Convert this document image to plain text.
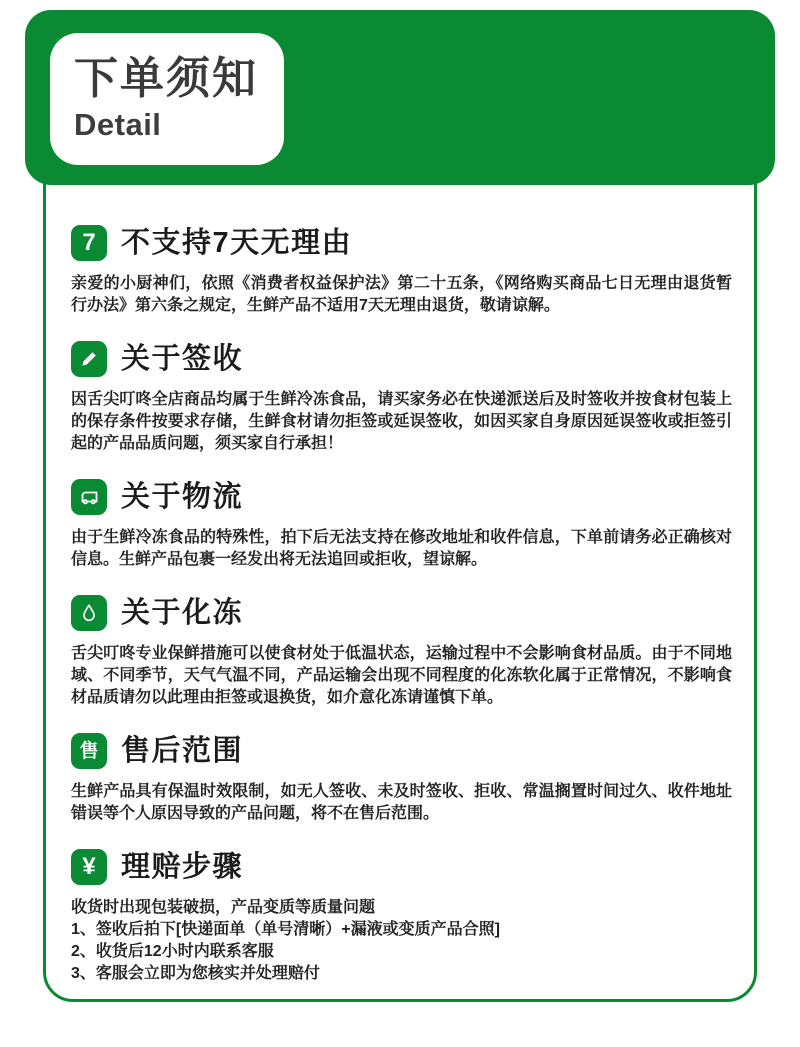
下单须知
Detail
7 不支持7天无理由

亲爱的小厨神们，依照《消费者权益保护法》第二十五条，《网络购买商品七日无理由退货暂行办法》第六条之规定，生鲜产品不适用7天无理由退货，敬请谅解。

关于签收

因舌尖叮咚全店商品均属于生鲜冷冻食品，请买家务必在快递派送后及时签收并按食材包装上的保存条件按要求存储，生鲜食材请勿拒签或延误签收，如因买家自身原因延误签收或拒签引起的产品品质问题，须买家自行承担！

关于物流

由于生鲜冷冻食品的特殊性，拍下后无法支持在修改地址和收件信息，下单前请务必正确核对信息。生鲜产品包裹一经发出将无法追回或拒收，望谅解。

关于化冻

舌尖叮咚专业保鲜措施可以使食材处于低温状态，运输过程中不会影响食材品质。由于不同地域、不同季节，天气气温不同，产品运输会出现不同程度的化冻软化属于正常情况，不影响食材品质请勿以此理由拒签或退换货，如介意化冻请谨慎下单。

售 售后范围

生鲜产品具有保温时效限制，如无人签收、未及时签收、拒收、常温搁置时间过久、收件地址错误等个人原因导致的产品问题，将不在售后范围。

¥ 理赔步骤

收货时出现包装破损，产品变质等质量问题
1、签收后拍下[快递面单（单号清晰）+漏液或变质产品合照]
2、收货后12小时内联系客服
3、客服会立即为您核实并处理赔付
